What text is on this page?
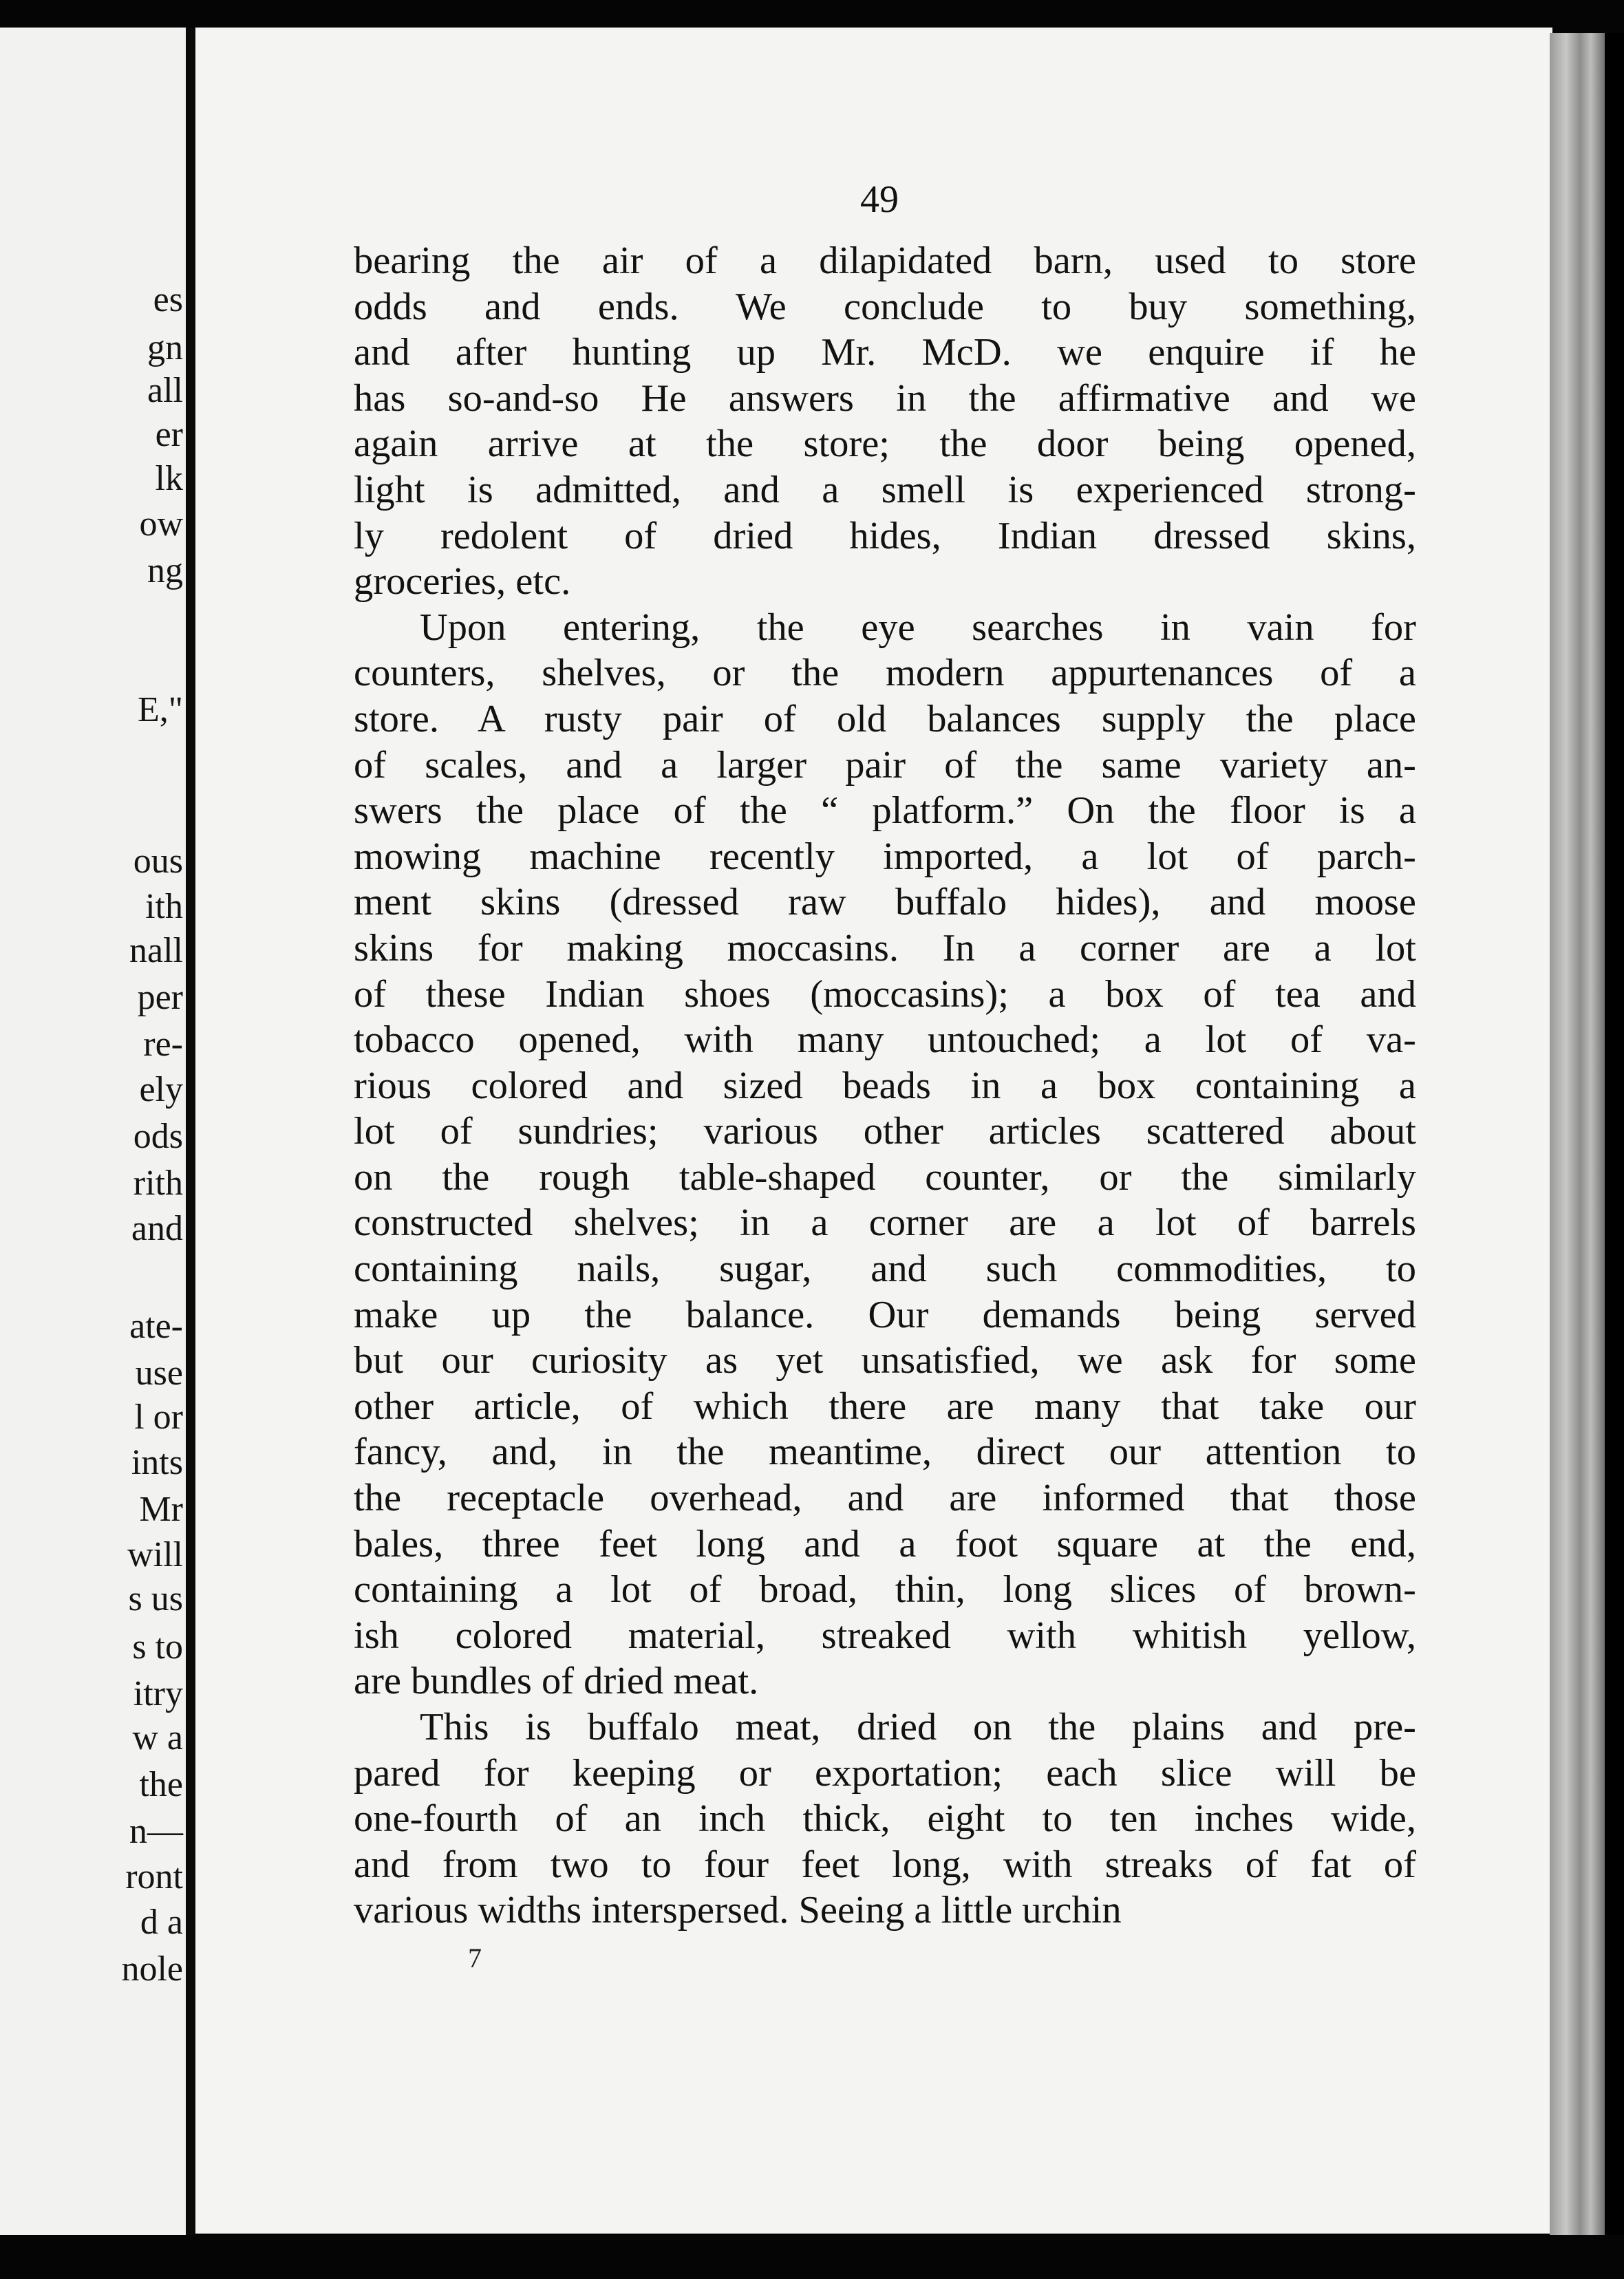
es
gn
all
er
lk
ow
ng
E,"
ous
ith
nall
per
re-
ely
ods
rith
and
ate-
use
l or
ints
Mr
will
s us
s to
itry
w a
the
n—
ront
d a
nole
49
bearing the air of a dilapidated barn, used to store
odds and ends. We conclude to buy something,
and after hunting up Mr. McD. we enquire if he
has so-and-so He answers in the affirmative and we
again arrive at the store; the door being opened,
light is admitted, and a smell is experienced strong-
ly redolent of dried hides, Indian dressed skins,
groceries, etc.
Upon entering, the eye searches in vain for
counters, shelves, or the modern appurtenances of a
store. A rusty pair of old balances supply the place
of scales, and a larger pair of the same variety an-
swers the place of the “ platform.” On the floor is a
mowing machine recently imported, a lot of parch-
ment skins (dressed raw buffalo hides), and moose
skins for making moccasins. In a corner are a lot
of these Indian shoes (moccasins); a box of tea and
tobacco opened, with many untouched; a lot of va-
rious colored and sized beads in a box containing a
lot of sundries; various other articles scattered about
on the rough table-shaped counter, or the similarly
constructed shelves; in a corner are a lot of barrels
containing nails, sugar, and such commodities, to
make up the balance. Our demands being served
but our curiosity as yet unsatisfied, we ask for some
other article, of which there are many that take our
fancy, and, in the meantime, direct our attention to
the receptacle overhead, and are informed that those
bales, three feet long and a foot square at the end,
containing a lot of broad, thin, long slices of brown-
ish colored material, streaked with whitish yellow,
are bundles of dried meat.
This is buffalo meat, dried on the plains and pre-
pared for keeping or exportation; each slice will be
one-fourth of an inch thick, eight to ten inches wide,
and from two to four feet long, with streaks of fat of
various widths interspersed. Seeing a little urchin
7
